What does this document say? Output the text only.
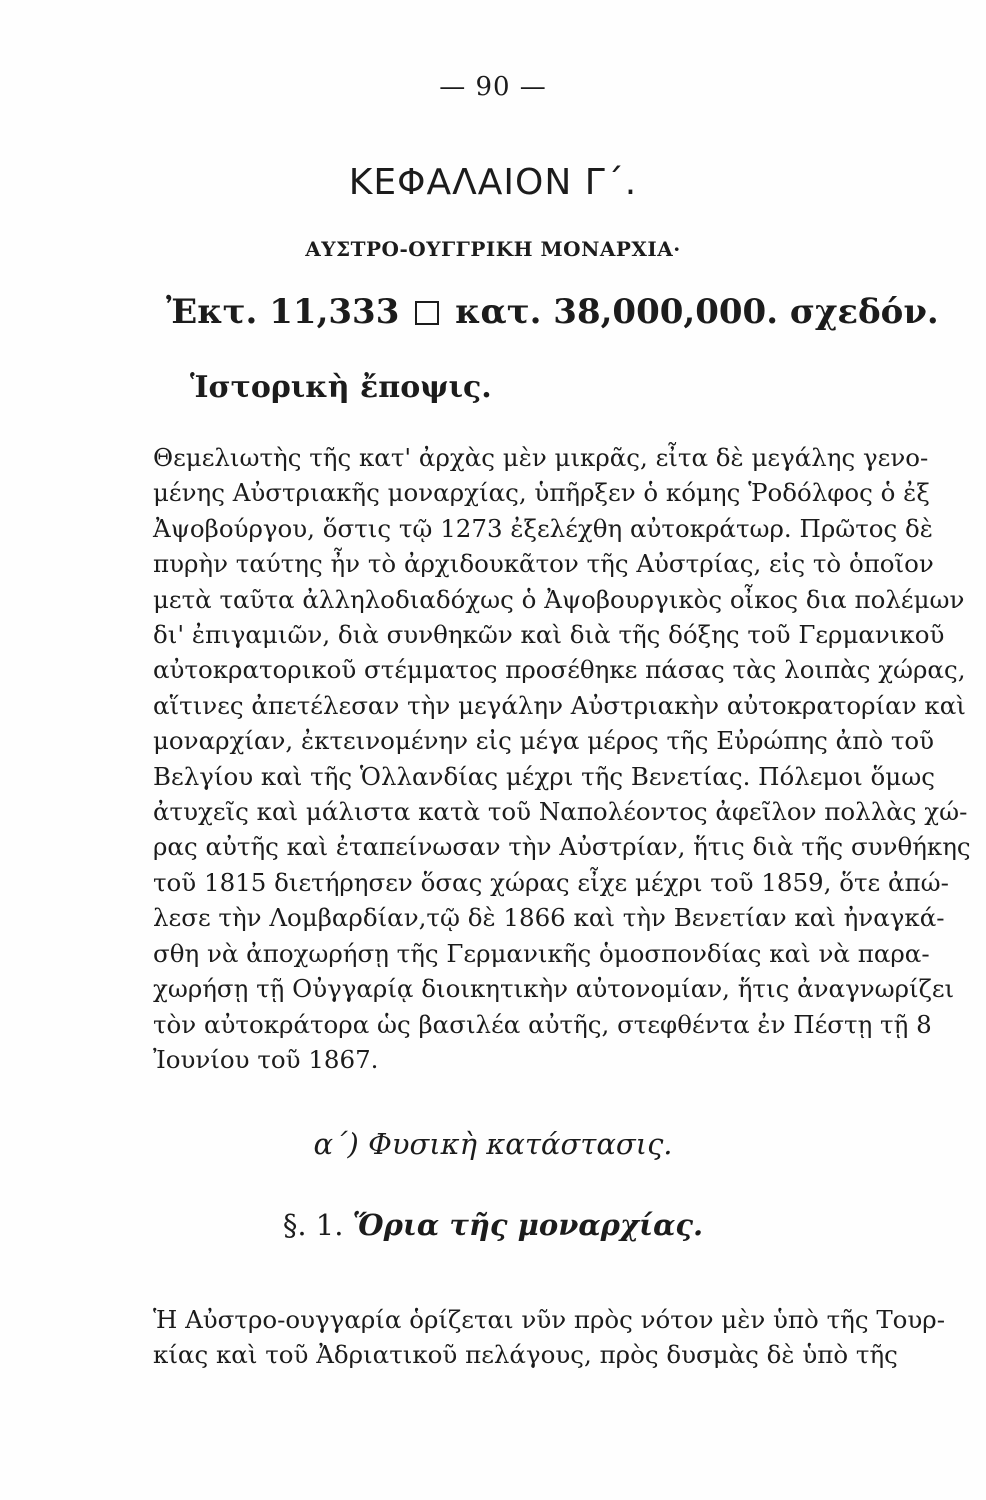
— 90 —
ΚΕΦΑΛΑΙΟΝ Γ΄.
ΑΥΣΤΡΟ-ΟΥΓΓΡΙΚΗ ΜΟΝΑΡΧΙΑ·
Ἐκτ. 11,333 κατ. 38,000,000. σχεδόν.
Ἱστορικὴ ἔποψις.
Θεμελιωτὴς τῆς κατ' ἀρχὰς μὲν μικρᾶς, εἶτα δὲ μεγάλης γενο-
μένης Αὐστριακῆς μοναρχίας, ὑπῆρξεν ὁ κόμης Ῥοδόλφος ὁ ἐξ
Ἀψοβούργου, ὅστις τῷ 1273 ἐξελέχθη αὐτοκράτωρ. Πρῶτος δὲ
πυρὴν ταύτης ἦν τὸ ἀρχιδουκᾶτον τῆς Αὐστρίας, εἰς τὸ ὁποῖον
μετὰ ταῦτα ἀλληλοδιαδόχως ὁ Ἀψοβουργικὸς οἶκος δια πολέμων
δι' ἐπιγαμιῶν, διὰ συνθηκῶν καὶ διὰ τῆς δόξης τοῦ Γερμανικοῦ
αὐτοκρατορικοῦ στέμματος προσέθηκε πάσας τὰς λοιπὰς χώρας,
αἵτινες ἀπετέλεσαν τὴν μεγάλην Αὐστριακὴν αὐτοκρατορίαν καὶ
μοναρχίαν, ἐκτεινομένην εἰς μέγα μέρος τῆς Εὐρώπης ἀπὸ τοῦ
Βελγίου καὶ τῆς Ὁλλανδίας μέχρι τῆς Βενετίας. Πόλεμοι ὅμως
ἀτυχεῖς καὶ μάλιστα κατὰ τοῦ Ναπολέοντος ἀφεῖλον πολλὰς χώ-
ρας αὐτῆς καὶ ἐταπείνωσαν τὴν Αὐστρίαν, ἥτις διὰ τῆς συνθήκης
τοῦ 1815 διετήρησεν ὅσας χώρας εἶχε μέχρι τοῦ 1859, ὅτε ἀπώ-
λεσε τὴν Λομβαρδίαν,τῷ δὲ 1866 καὶ τὴν Βενετίαν καὶ ἠναγκά-
σθη νὰ ἀποχωρήσῃ τῆς Γερμανικῆς ὁμοσπονδίας καὶ νὰ παρα-
χωρήσῃ τῇ Οὐγγαρίᾳ διοικητικὴν αὐτονομίαν, ἥτις ἀναγνωρίζει
τὸν αὐτοκράτορα ὡς βασιλέα αὐτῆς, στεφθέντα ἐν Πέστῃ τῇ 8
Ἰουνίου τοῦ 1867.
α΄) Φυσικὴ κατάστασις.
§. 1. Ὅρια τῆς μοναρχίας.
Ἡ Αὐστρο-ουγγαρία ὁρίζεται νῦν πρὸς νότον μὲν ὑπὸ τῆς Τουρ-
κίας καὶ τοῦ Ἀδριατικοῦ πελάγους, πρὸς δυσμὰς δὲ ὑπὸ τῆς
